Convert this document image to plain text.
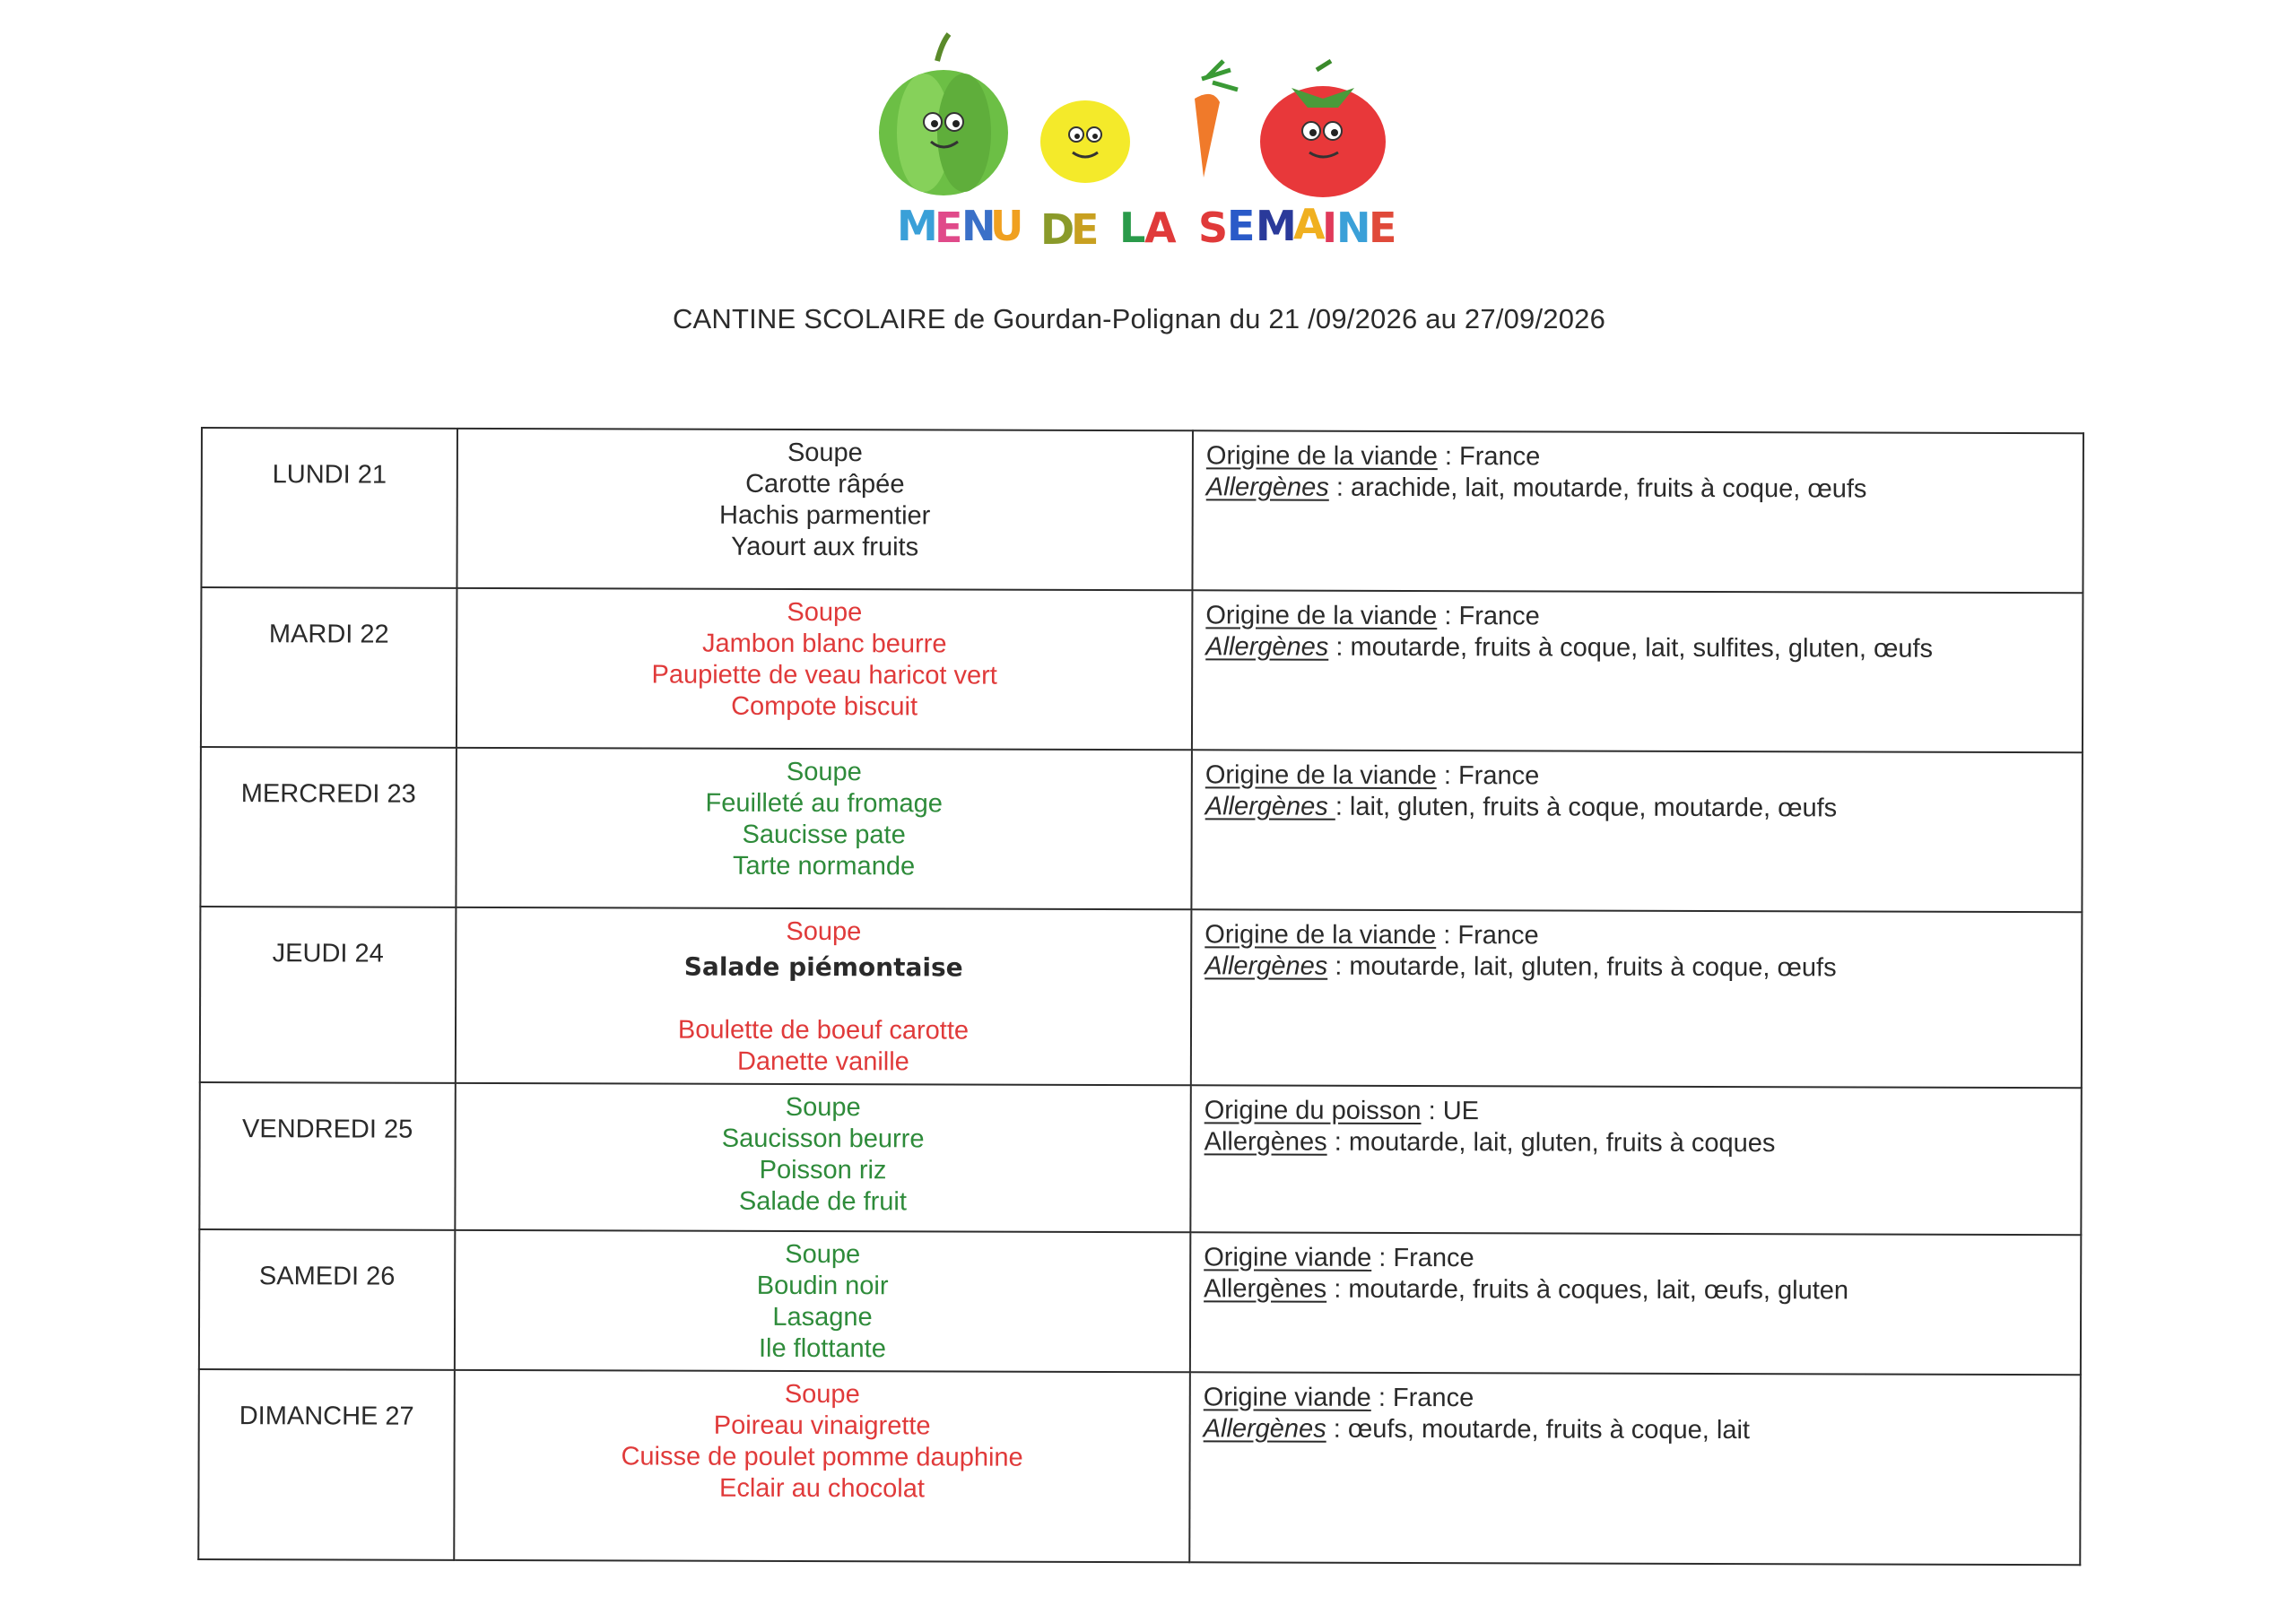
M
E
N
U D
E L
A S
E M
A
I
N
E
CANTINE SCOLAIRE de Gourdan-Polignan du 21 /09/2026 au 27/09/2026
LUNDI 21	Soupe
Carotte râpée
Hachis parmentier
Yaourt aux fruits	Origine de la viande : France
Allergènes : arachide, lait, moutarde, fruits à coque, œufs

MARDI 22	Soupe
Jambon blanc beurre
Paupiette de veau haricot vert
Compote biscuit	Origine de la viande : France
Allergènes : moutarde, fruits à coque, lait, sulfites, gluten, œufs

MERCREDI 23	Soupe
Feuilleté au fromage
Saucisse pate
Tarte normande	Origine de la viande : France
Allergènes : lait, gluten, fruits à coque, moutarde, œufs

JEUDI 24	Soupe
Salade piémontaise
Boulette de boeuf carotte
Danette vanille	Origine de la viande : France
Allergènes : moutarde, lait, gluten, fruits à coque, œufs

VENDREDI 25	Soupe
Saucisson beurre
Poisson riz
Salade de fruit	Origine du poisson : UE
Allergènes : moutarde, lait, gluten, fruits à coques

SAMEDI 26	Soupe
Boudin noir
Lasagne
Ile flottante	Origine viande : France
Allergènes : moutarde, fruits à coques, lait, œufs, gluten

DIMANCHE 27	Soupe
Poireau vinaigrette
Cuisse de poulet pomme dauphine
Eclair au chocolat	Origine viande : France
Allergènes : œufs, moutarde, fruits à coque, lait
